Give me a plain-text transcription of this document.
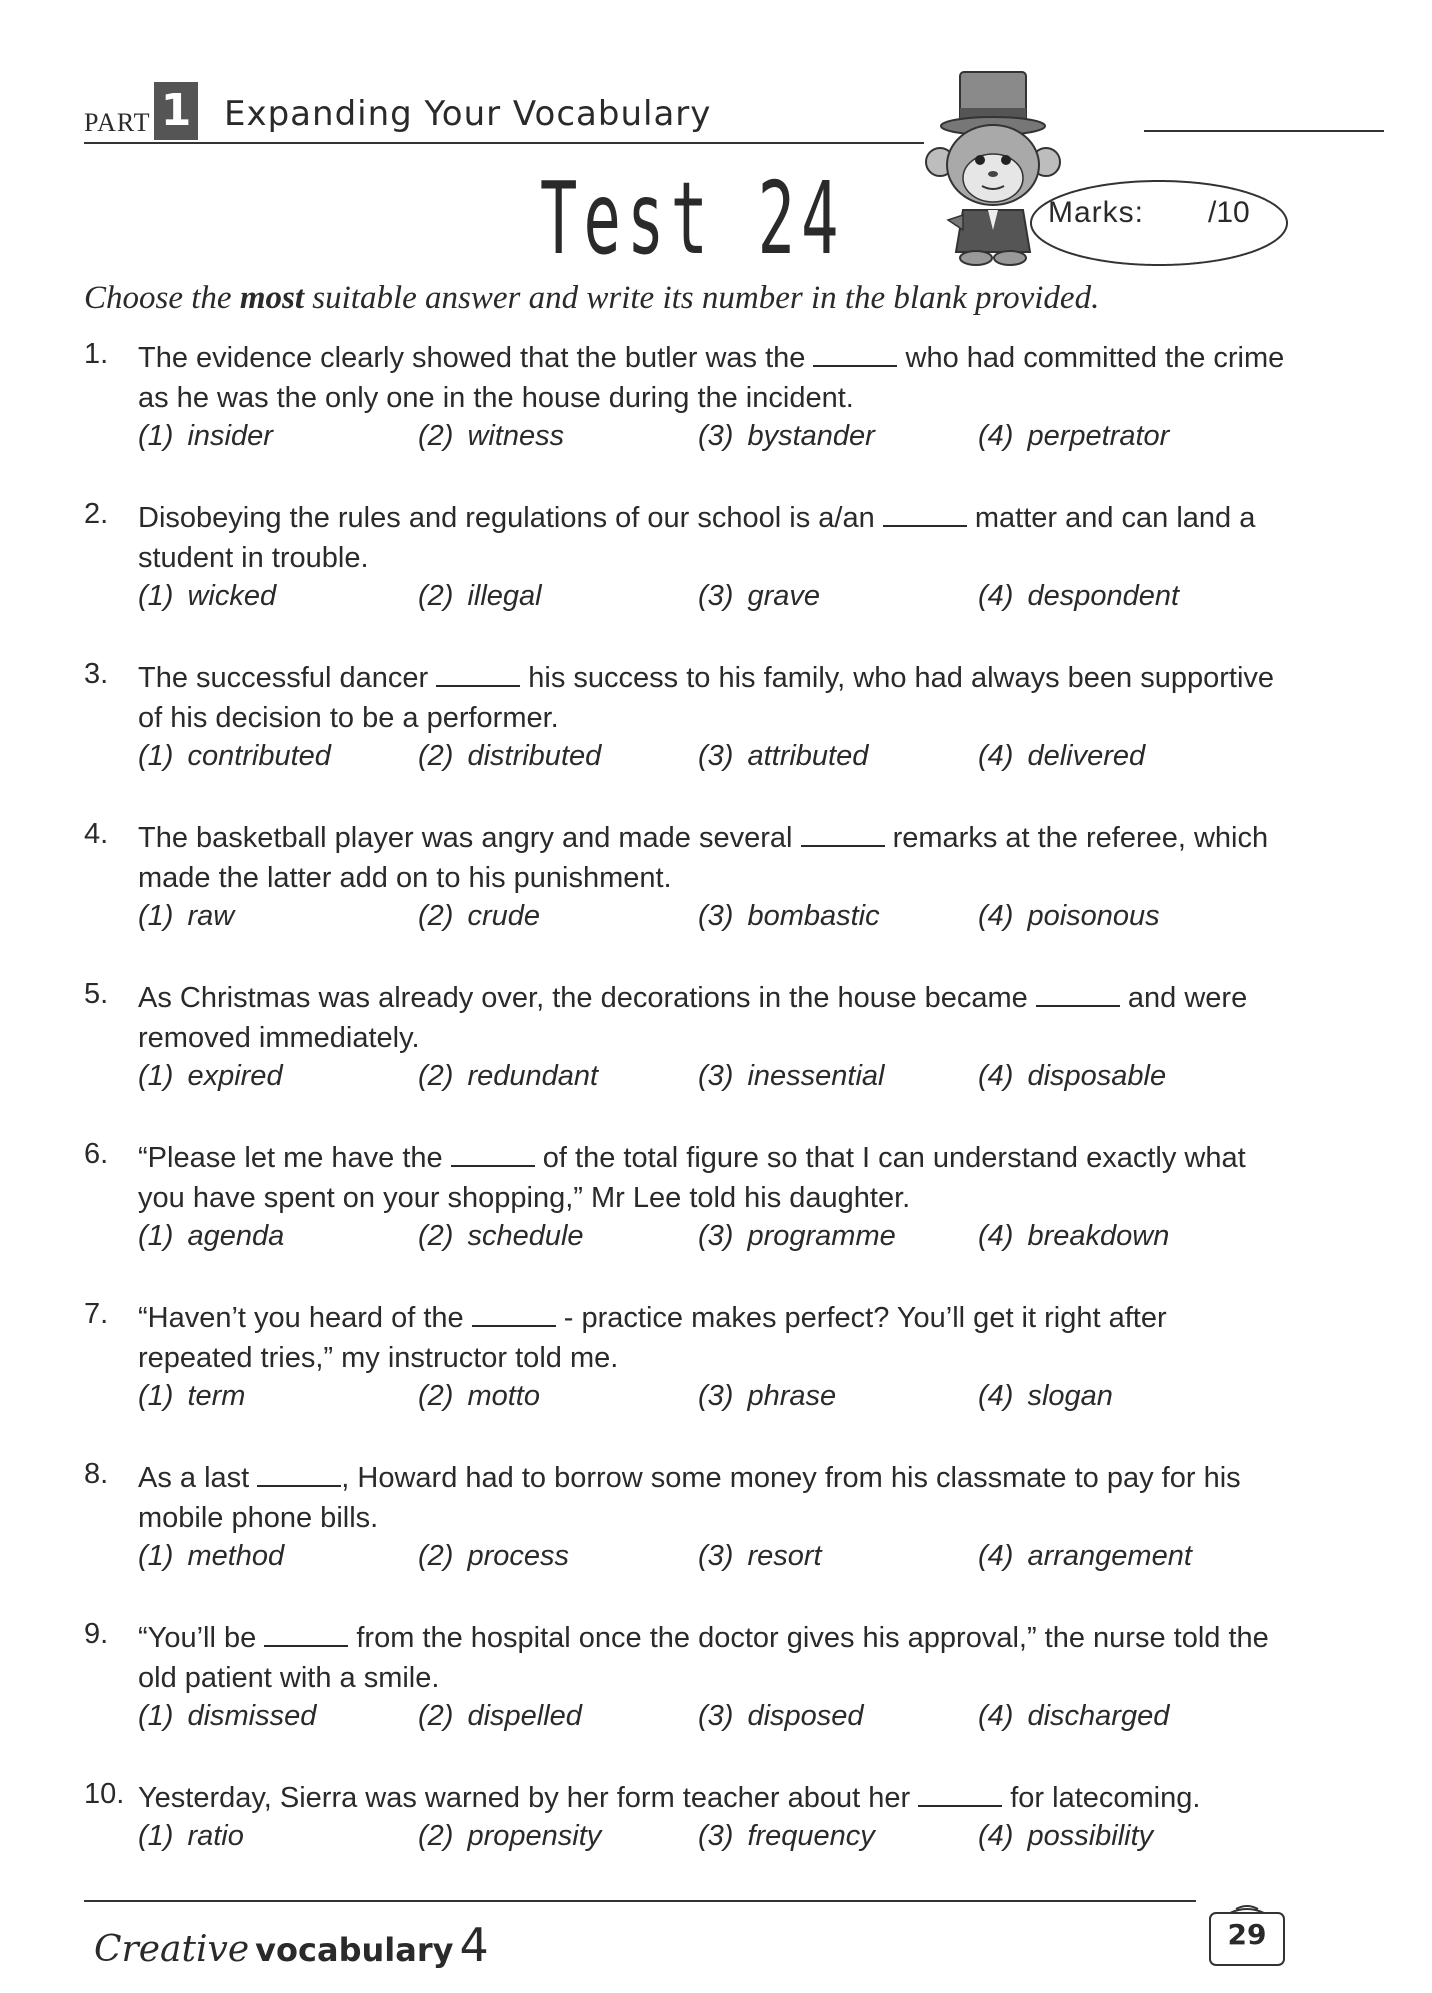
PART 1 Expanding Your Vocabulary
Test 24	Marks: /10
Choose the most suitable answer and write its number in the blank provided.
1. The evidence clearly showed that the butler was the	who had committed the crime as he was the only one in the house during the incident.
(1) insider	(2) witness	(3) bystander	(4) perpetrator
2. Disobeying the rules and regulations of our school is a/an	matter and can land a student in trouble.
(1) wicked	(2) illegal	(3) grave	(4) despondent
3. The successful dancer	his success to his family, who had always been supportive of his decision to be a performer.
(1) contributed	(2) distributed	(3) attributed	(4) delivered
4. The basketball player was angry and made several	remarks at the referee, which made the latter add on to his punishment.
(1) raw	(2) crude	(3) bombastic	(4) poisonous
5. As Christmas was already over, the decorations in the house became	and were removed immediately.
(1) expired	(2) redundant	(3) inessential	(4) disposable
6. “Please let me have the	of the total figure so that I can understand exactly what you have spent on your shopping,” Mr Lee told his daughter.
(1) agenda	(2) schedule	(3) programme	(4) breakdown
7. “Haven’t you heard of the	- practice makes perfect? You’ll get it right after repeated tries,” my instructor told me.
(1) term	(2) motto	(3) phrase	(4) slogan
8. As a last	, Howard had to borrow some money from his classmate to pay for his mobile phone bills.
(1) method	(2) process	(3) resort	(4) arrangement
9. “You’ll be	from the hospital once the doctor gives his approval,” the nurse told the old patient with a smile.
(1) dismissed	(2) dispelled	(3) disposed	(4) discharged
10. Yesterday, Sierra was warned by her form teacher about her	for latecoming.
(1) ratio	(2) propensity	(3) frequency	(4) possibility
Creative vocabulary 4	29
